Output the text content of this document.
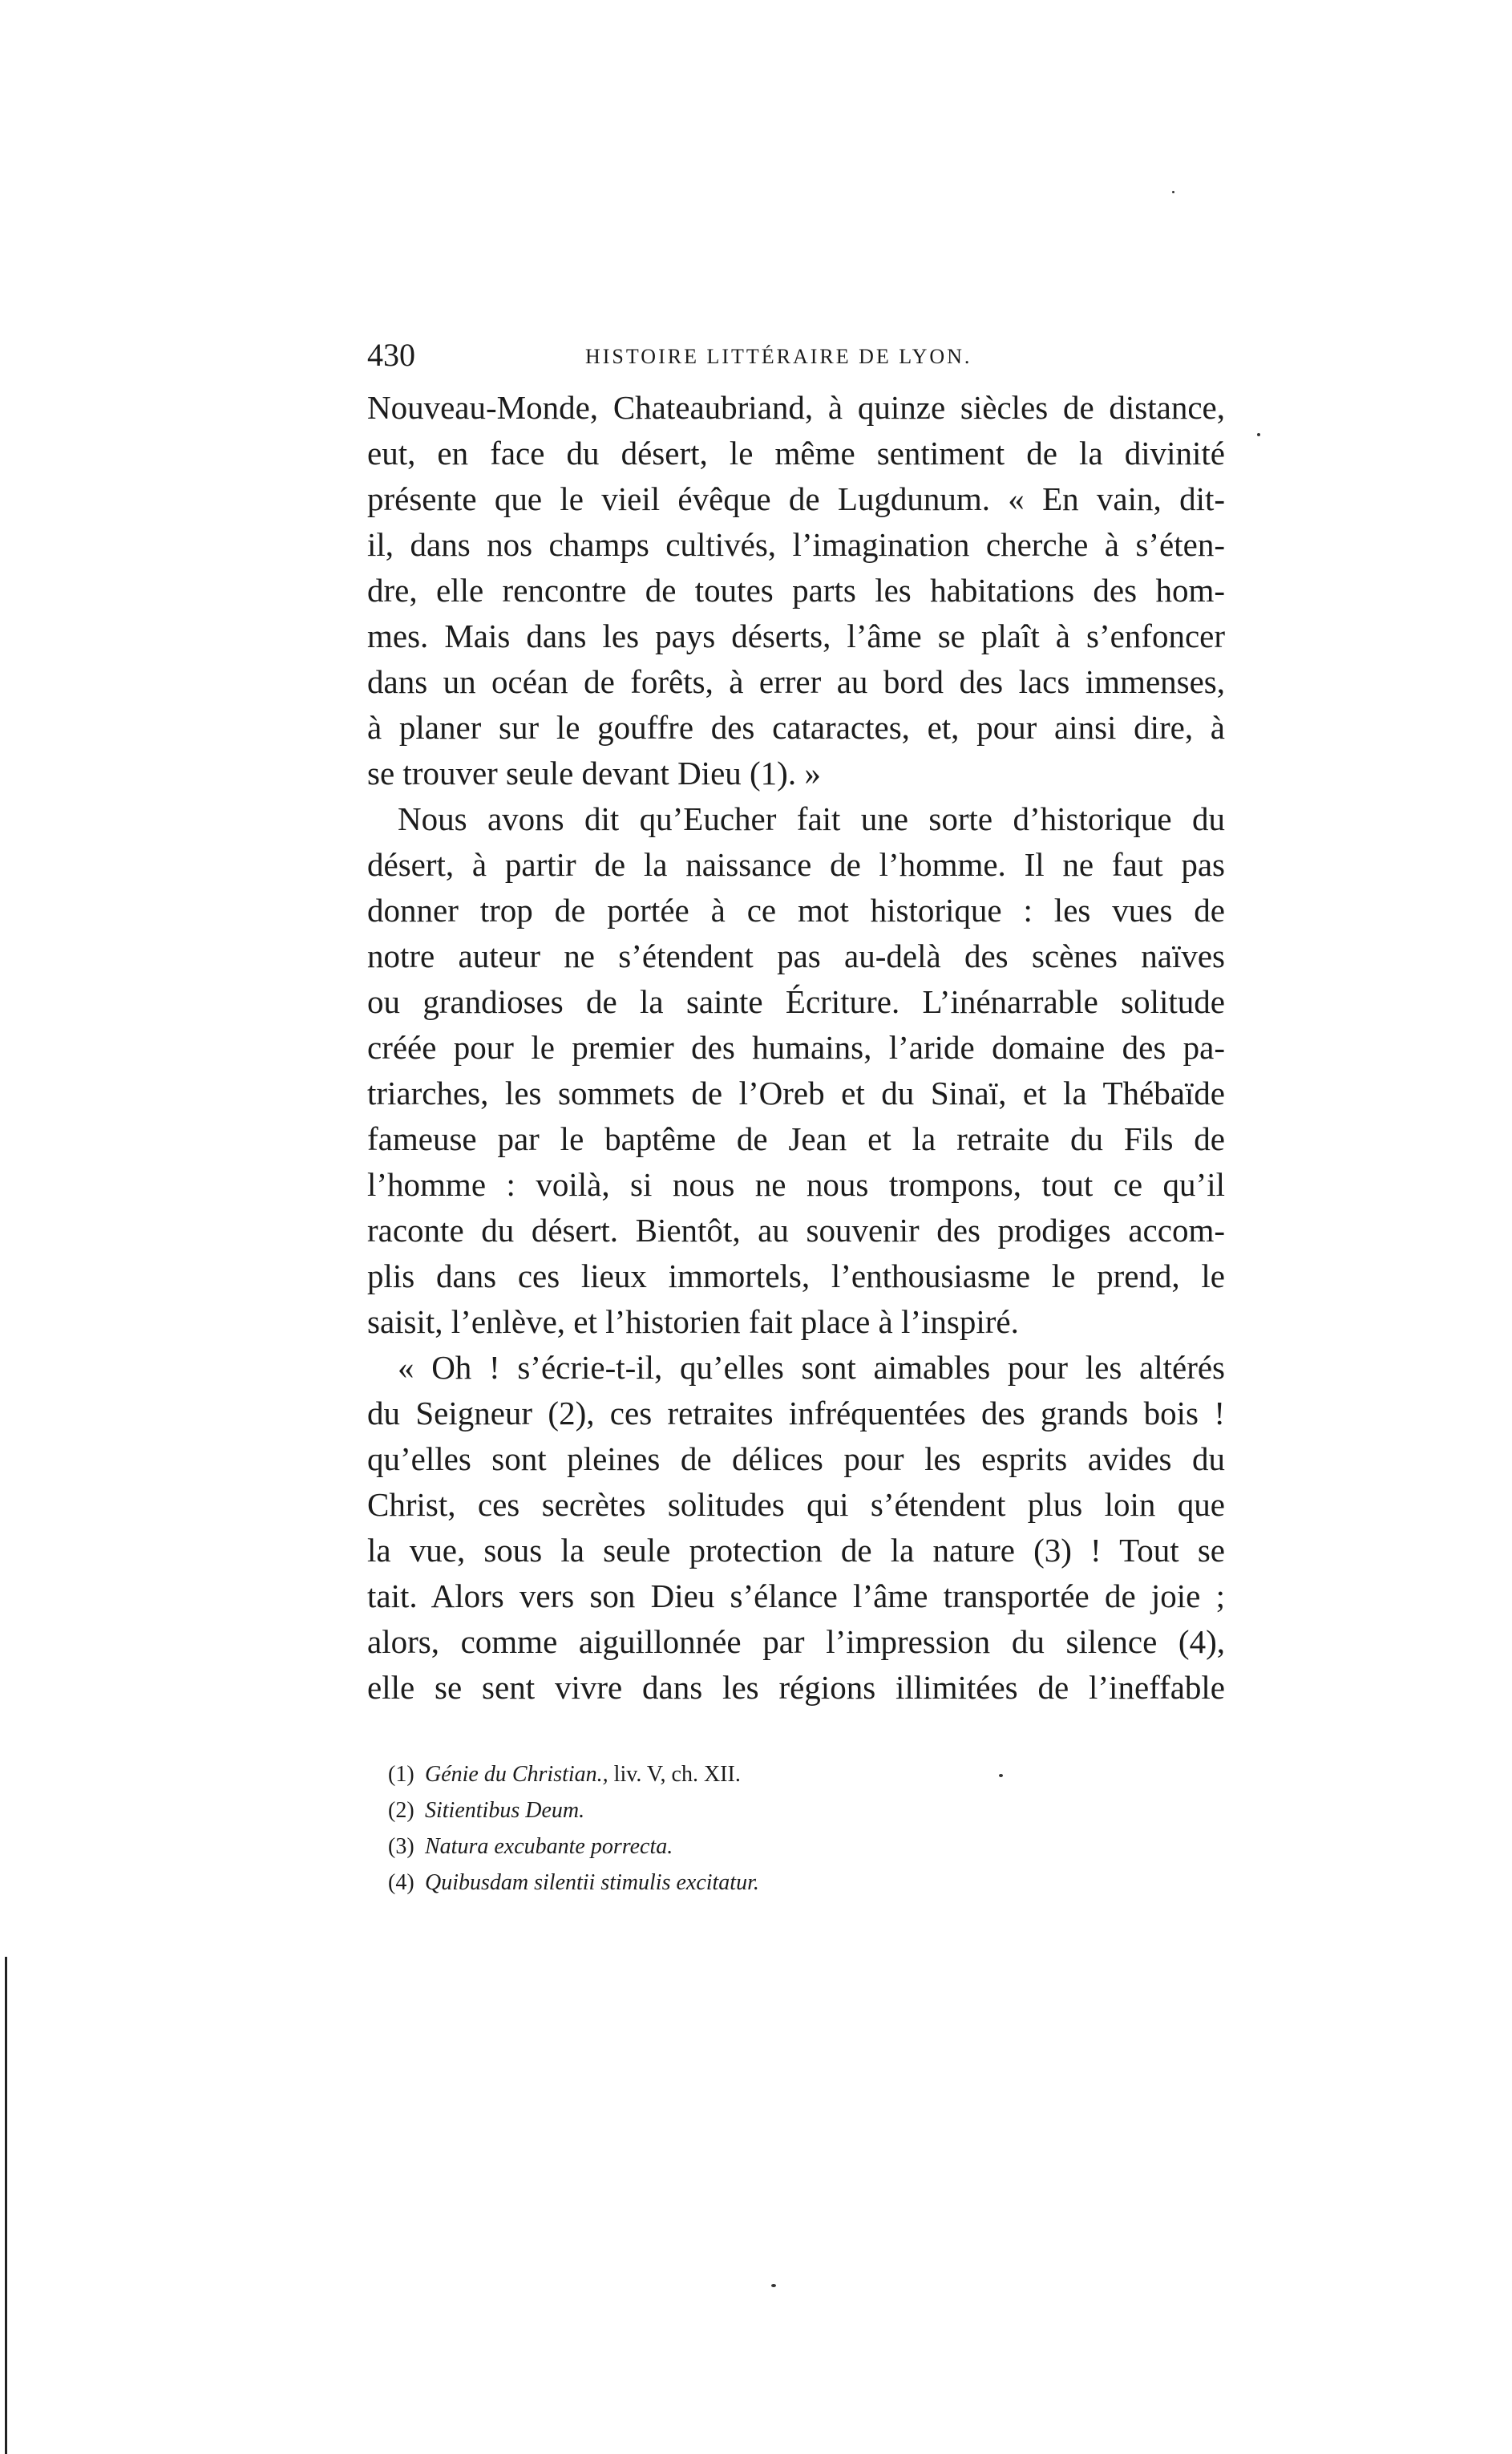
430	HISTOIRE LITTÉRAIRE DE LYON.
Nouveau-Monde, Chateaubriand, à quinze siècles de distance,
eut, en face du désert, le même sentiment de la divinité
présente que le vieil évêque de Lugdunum. « En vain, dit-
il, dans nos champs cultivés, l’imagination cherche à s’éten-
dre, elle rencontre de toutes parts les habitations des hom-
mes. Mais dans les pays déserts, l’âme se plaît à s’enfoncer
dans un océan de forêts, à errer au bord des lacs immenses,
à planer sur le gouffre des cataractes, et, pour ainsi dire, à
se trouver seule devant Dieu (1). »
Nous avons dit qu’Eucher fait une sorte d’historique du
désert, à partir de la naissance de l’homme. Il ne faut pas
donner trop de portée à ce mot historique : les vues de
notre auteur ne s’étendent pas au-delà des scènes naïves
ou grandioses de la sainte Écriture. L’inénarrable solitude
créée pour le premier des humains, l’aride domaine des pa-
triarches, les sommets de l’Oreb et du Sinaï, et la Thébaïde
fameuse par le baptême de Jean et la retraite du Fils de
l’homme : voilà, si nous ne nous trompons, tout ce qu’il
raconte du désert. Bientôt, au souvenir des prodiges accom-
plis dans ces lieux immortels, l’enthousiasme le prend, le
saisit, l’enlève, et l’historien fait place à l’inspiré.
« Oh ! s’écrie-t-il, qu’elles sont aimables pour les altérés
du Seigneur (2), ces retraites infréquentées des grands bois !
qu’elles sont pleines de délices pour les esprits avides du
Christ, ces secrètes solitudes qui s’étendent plus loin que
la vue, sous la seule protection de la nature (3) ! Tout se
tait. Alors vers son Dieu s’élance l’âme transportée de joie ;
alors, comme aiguillonnée par l’impression du silence (4),
elle se sent vivre dans les régions illimitées de l’ineffable
(1) Génie du Christian., liv. V, ch. XII.
(2) Sitientibus Deum.
(3) Natura excubante porrecta.
(4) Quibusdam silentii stimulis excitatur.
